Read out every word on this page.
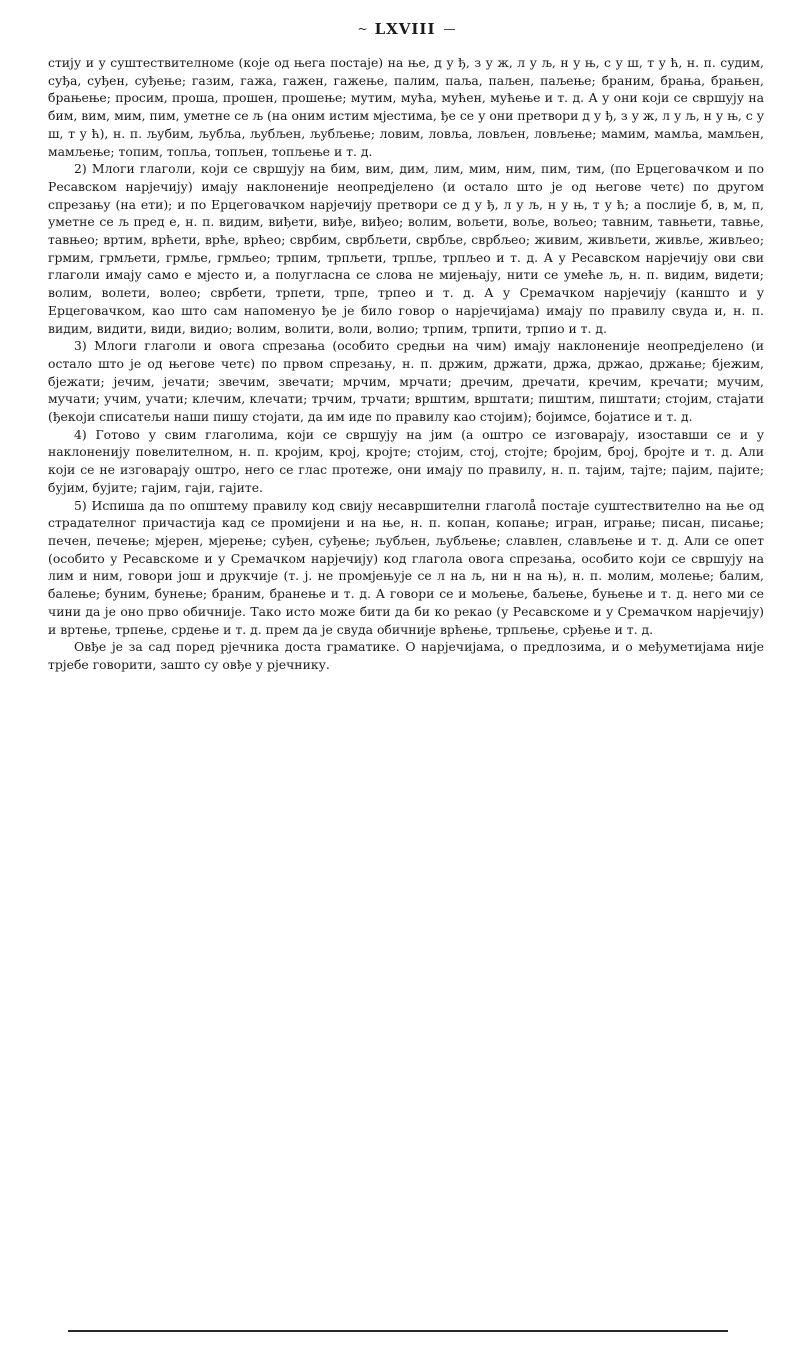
~ LXVIII —

стију и у суштествителноме (које од њега постаје) на ње, д у ђ, з у ж, л у љ, н у њ, с у ш, т у ћ, н. п. судим, суђа, суђен, суђење; газим, гажа, гажен, гажење, палим, паља, паљен, паљење; браним, брања, брањен, брањење; просим, проша, прошен, прошење; мутим, мућа, мућен, мућење и т. д. А у они који се свршују на бим, вим, мим, пим, уметне се љ (на оним истим мјестима, ђе се у они претвори д у ђ, з у ж, л у љ, н у њ, с у ш, т у ћ), н. п. љубим, љубља, љубљен, љубљење; ловим, ловља, ловљен, ловљење; мамим, мамља, мамљен, мамљење; топим, топља, топљен, топљење и т. д.

2) Млоги глаголи, који се свршују на бим, вим, дим, лим, мим, ним, пим, тим, (по Ерцеговачком и по Ресавском нарјечију) имају наклоненије неопредјелено (и остало што је од његове четє) по другом спрезању (на ети); и по Ерцеговачком нарјечију претвори се д у ђ, л у љ, н у њ, т у ћ; а послије б, в, м, п, уметне се љ пред е, н. п. видим, виђети, виђе, виђео; волим, вољети, воље, вољео; тавним, тавњети, тавње, тавњео; вртим, врћети, врће, врћео; сврбим, сврбљети, сврбље, сврбљео; живим, живљети, живље, живљео; грмим, грмљети, грмље, грмљео; трпим, трпљети, трпље, трпљео и т. д. А у Ресавском нарјечију ови сви глаголи имају само е мјесто и, а полугласна се слова не мијењају, нити се умеће љ, н. п. видим, видети; волим, волети, волео; сврбети, трпети, трпе, трпео и т. д. А у Сремачком нарјечију (каншто и у Ерцеговачком, као што сам напоменуо ђе је било говор о нарјечијама) имају по правилу свуда и, н. п. видим, видити, види, видио; волим, волити, воли, волио; трпим, трпити, трпио и т. д.

3) Млоги глаголи и овога спрезања (особито средњи на чим) имају наклоненије неопредјелено (и остало што је од његове четє) по првом спрезању, н. п. држим, држати, држа, држао, држање; бјежим, бјежати; јечим, јечати; звечим, звечати; мрчим, мрчати; дречим, дречати, кречим, кречати; мучим, мучати; учим, учати; клечим, клечати; трчим, трчати; врштим, врштати; пиштим, пиштати; стојим, стајати (ђекоји списатељи наши пишу стојати, да им иде по правилу као стојим); бојимсе, бојатисе и т. д.

4) Готово у свим глаголима, који се свршују на јим (а оштро се изговарају, изоставши се и у наклоненију повелителном, н. п. кројим, крој, кројте; стојим, стој, стојте; бројим, број, бројте и т. д. Али који се не изговарају оштро, него се глас протеже, они имају по правилу, н. п. тајим, тајте; пајим, пајите; бујим, бујите; гајим, гаји, гајите.

5) Испиша да по општему правилу код свију несавршителни глаголå постаје суштествително на ње од страдателног причастија кад се промијени и на ње, н. п. копан, копање; игран, играње; писан, писање; печен, печење; мјерен, мјерење; суђен, суђење; љубљен, љубљење; славлен, слављење и т. д. Али се опет (особито у Ресавскоме и у Сремачком нарјечију) код глагола овога спрезања, особито који се свршују на лим и ним, говори још и друкчије (т. ј. не промјењује се л на љ, ни н на њ), н. п. молим, молење; балим, балење; буним, бунење; браним, бранење и т. д. А говори се и мољење, баљење, буњење и т. д. него ми се чини да је оно прво обичније. Тако исто може бити да би ко рекао (у Ресавскоме и у Сремачком нарјечију) и вртење, трпење, срдење и т. д. прем да је свуда обичније врћење, трпљење, срђење и т. д.

Овђе је за сад поред рјечника доста граматике. О нарјечијама, о предлозима, и о међуметијама није трјебе говорити, зашто су овђе у рјечнику.
